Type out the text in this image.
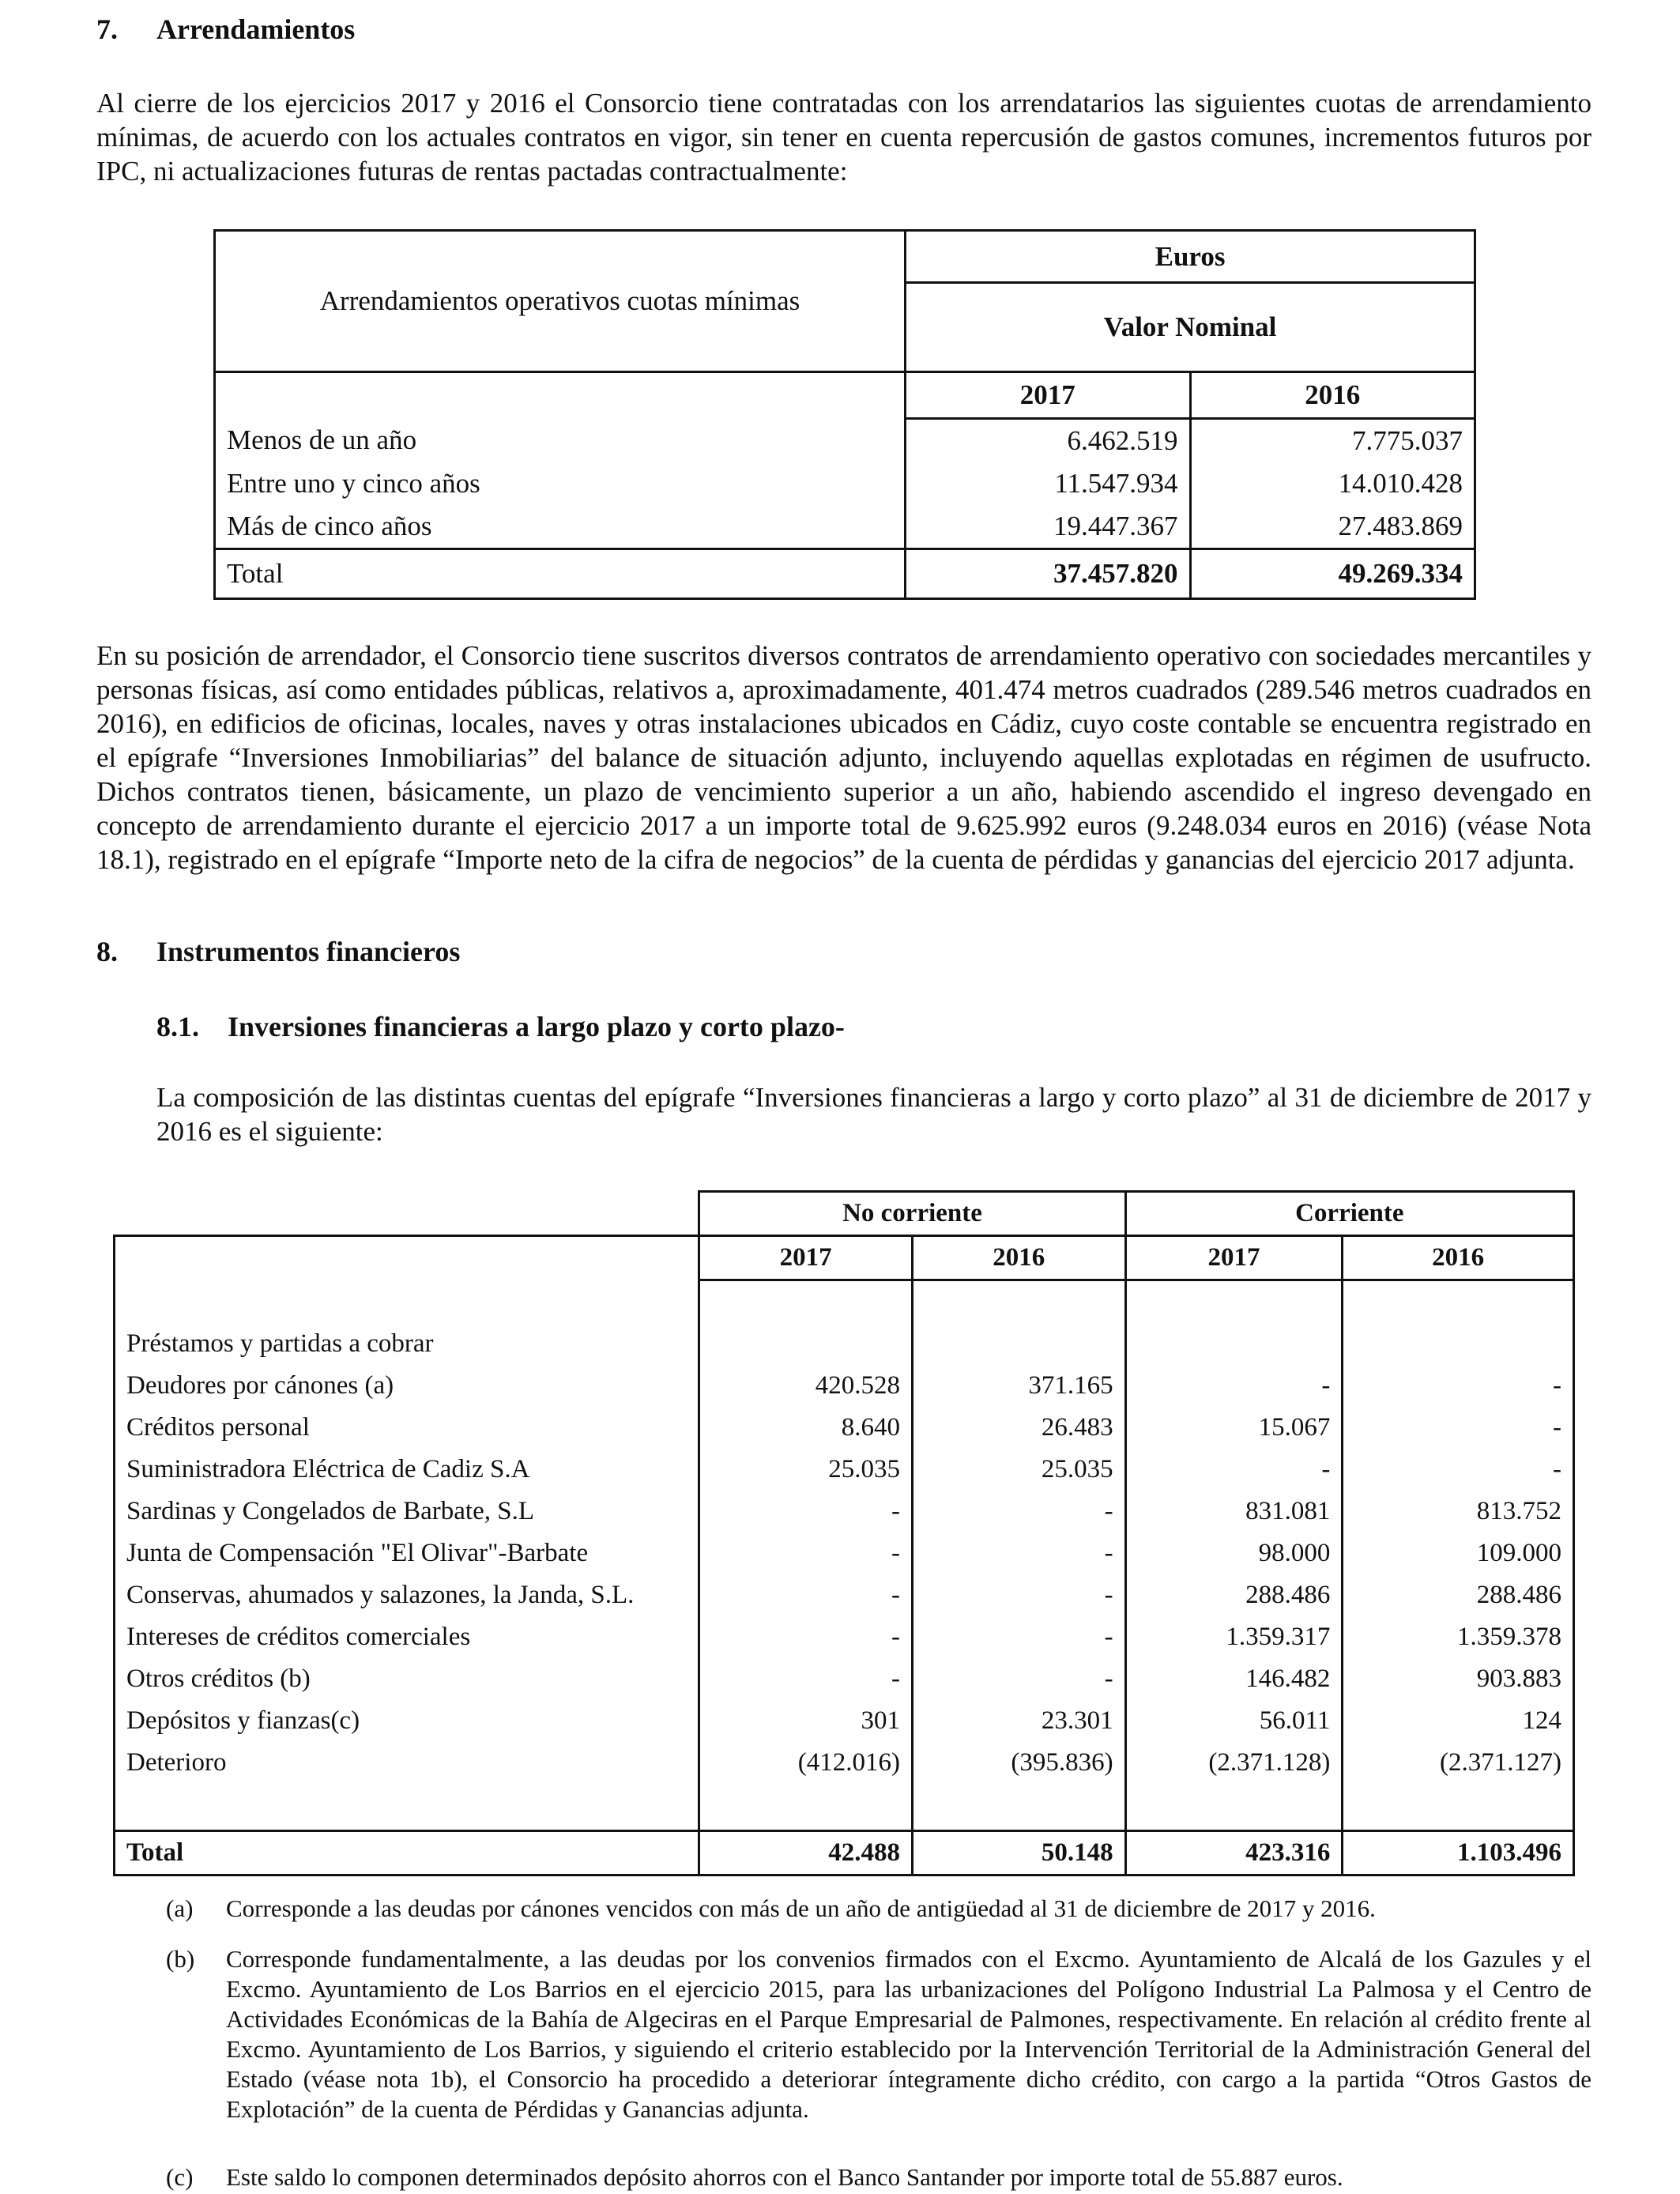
7. Arrendamientos

Al cierre de los ejercicios 2017 y 2016 el Consorcio tiene contratadas con los arrendatarios las siguientes cuotas de arrendamiento mínimas, de acuerdo con los actuales contratos en vigor, sin tener en cuenta repercusión de gastos comunes, incrementos futuros por IPC, ni actualizaciones futuras de rentas pactadas contractualmente:

Arrendamientos operativos cuotas mínimas	Euros	
	Valor Nominal	
	2017	2016
Menos de un año	6.462.519	7.775.037
Entre uno y cinco años	11.547.934	14.010.428
Más de cinco años	19.447.367	27.483.869
Total	37.457.820	49.269.334

En su posición de arrendador, el Consorcio tiene suscritos diversos contratos de arrendamiento operativo con sociedades mercantiles y personas físicas, así como entidades públicas, relativos a, aproximadamente, 401.474 metros cuadrados (289.546 metros cuadrados en 2016), en edificios de oficinas, locales, naves y otras instalaciones ubicados en Cádiz, cuyo coste contable se encuentra registrado en el epígrafe “Inversiones Inmobiliarias” del balance de situación adjunto, incluyendo aquellas explotadas en régimen de usufructo. Dichos contratos tienen, básicamente, un plazo de vencimiento superior a un año, habiendo ascendido el ingreso devengado en concepto de arrendamiento durante el ejercicio 2017 a un importe total de 9.625.992 euros (9.248.034 euros en 2016) (véase Nota 18.1), registrado en el epígrafe “Importe neto de la cifra de negocios” de la cuenta de pérdidas y ganancias del ejercicio 2017 adjunta.

8. Instrumentos financieros
8.1. Inversiones financieras a largo plazo y corto plazo-

La composición de las distintas cuentas del epígrafe “Inversiones financieras a largo y corto plazo” al 31 de diciembre de 2017 y 2016 es el siguiente:

	No corriente		Corriente	
	2017	2016	2017	2016

Préstamos y partidas a cobrar				
Deudores por cánones (a)	420.528	371.165	-	-
Créditos personal	8.640	26.483	15.067	-
Suministradora Eléctrica de Cadiz S.A	25.035	25.035	-	-
Sardinas y Congelados de Barbate, S.L	-	-	831.081	813.752
Junta de Compensación "El Olivar"-Barbate	-	-	98.000	109.000
Conservas, ahumados y salazones, la Janda, S.L.	-	-	288.486	288.486
Intereses de créditos comerciales	-	-	1.359.317	1.359.378
Otros créditos (b)	-	-	146.482	903.883
Depósitos y fianzas(c)	301	23.301	56.011	124
Deterioro	(412.016)	(395.836)	(2.371.128)	(2.371.127)

Total	42.488	50.148	423.316	1.103.496
(a) Corresponde a las deudas por cánones vencidos con más de un año de antigüedad al 31 de diciembre de 2017 y 2016.
(b) Corresponde fundamentalmente, a las deudas por los convenios firmados con el Excmo. Ayuntamiento de Alcalá de los Gazules y el Excmo. Ayuntamiento de Los Barrios en el ejercicio 2015, para las urbanizaciones del Polígono Industrial La Palmosa y el Centro de Actividades Económicas de la Bahía de Algeciras en el Parque Empresarial de Palmones, respectivamente. En relación al crédito frente al Excmo. Ayuntamiento de Los Barrios, y siguiendo el criterio establecido por la Intervención Territorial de la Administración General del Estado (véase nota 1b), el Consorcio ha procedido a deteriorar íntegramente dicho crédito, con cargo a la partida “Otros Gastos de Explotación” de la cuenta de Pérdidas y Ganancias adjunta.
(c) Este saldo lo componen determinados depósito ahorros con el Banco Santander por importe total de 55.887 euros.
